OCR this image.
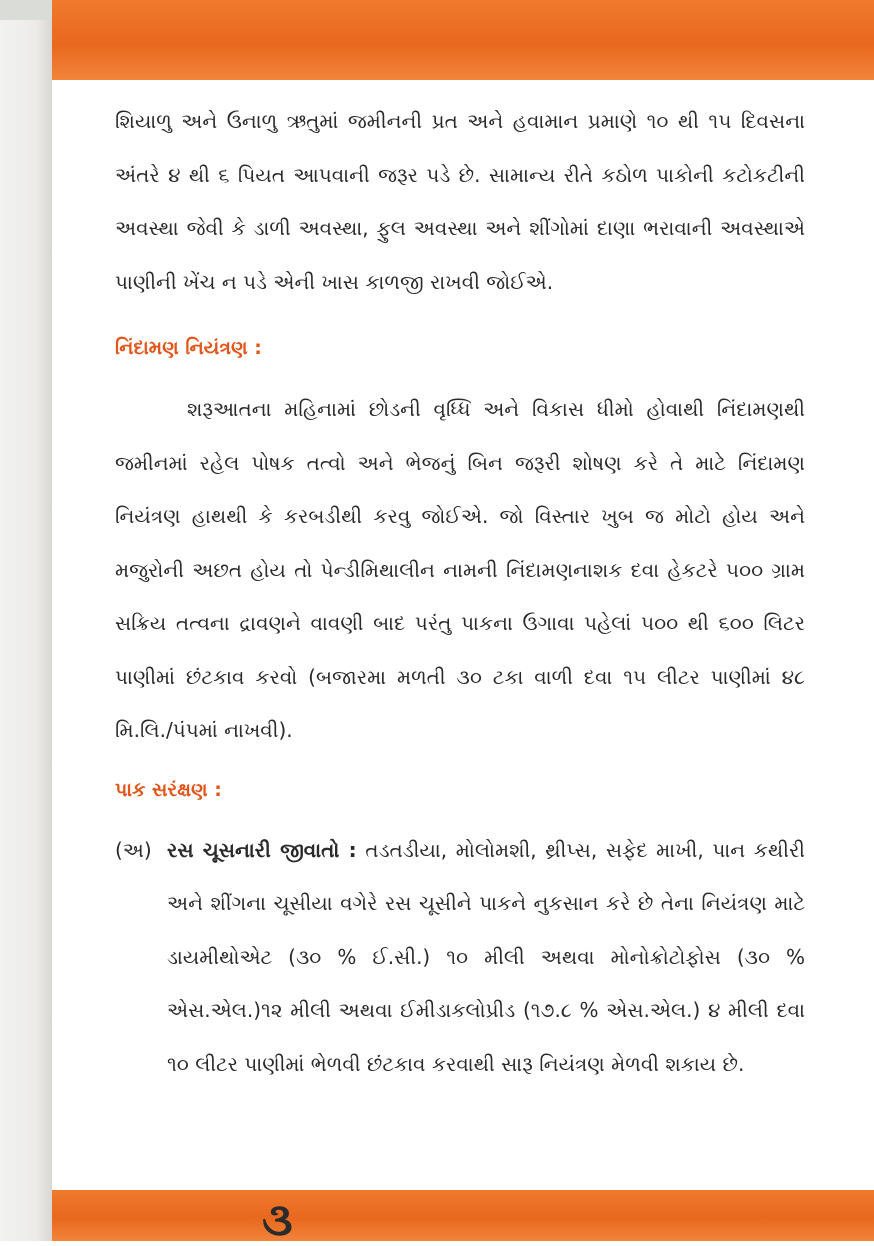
શિયાળુ અને ઉનાળુ ઋતુમાં જમીનની પ્રત અને હવામાન પ્રમાણે ૧૦ થી ૧૫ દિવસના અંતરે ૪ થી ૬ પિયત આપવાની જરૂર પડે છે. સામાન્ય રીતે કઠોળ પાકોની કટોકટીની અવસ્થા જેવી કે ડાળી અવસ્થા, ફુલ અવસ્થા અને શીંગોમાં દાણા ભરાવાની અવસ્થાએ પાણીની ખેંચ ન પડે એની ખાસ કાળજી રાખવી જોઈએ.

નિંદામણ નિયંત્રણ :

શરૂઆતના મહિનામાં છોડની વૃધ્ધિ અને વિકાસ ધીમો હોવાથી નિંદામણથી જમીનમાં રહેલ પોષક તત્વો અને ભેજનું બિન જરૂરી શોષણ કરે તે માટે નિંદામણ નિયંત્રણ હાથથી કે કરબડીથી કરવુ જોઈએ. જો વિસ્તાર ખુબ જ મોટો હોય અને મજુરોની અછત હોય તો પેન્ડીમિથાલીન નામની નિંદામણનાશક દવા હેકટરે ૫૦૦ ગ્રામ સક્રિય તત્વના દ્રાવણને વાવણી બાદ પરંતુ પાકના ઉગાવા પહેલાં ૫૦૦ થી ૬૦૦ લિટર પાણીમાં છંટકાવ કરવો (બજારમા મળતી ૩૦ ટકા વાળી દવા ૧૫ લીટર પાણીમાં ૪૮ મિ.લિ./પંપમાં નાખવી).

પાક સરંક્ષણ :

(અ) રસ ચૂસનારી જીવાતો : તડતડીયા, મોલોમશી, થ્રીપ્સ, સફેદ માખી, પાન કથીરી અને શીંગના ચૂસીયા વગેરે રસ ચૂસીને પાકને નુકસાન કરે છે તેના નિયંત્રણ માટે ડાયમીથોએટ (૩૦ % ઈ.સી.) ૧૦ મીલી અથવા મોનોક્રોટોફોસ (૩૦ % એસ.એલ.)૧૨ મીલી અથવા ઈમીડાકલોપ્રીડ (૧૭.૮ % એસ.એલ.) ૪ મીલી દવા ૧૦ લીટર પાણીમાં ભેળવી છંટકાવ કરવાથી સારૂ નિયંત્રણ મેળવી શકાય છે.

૩
